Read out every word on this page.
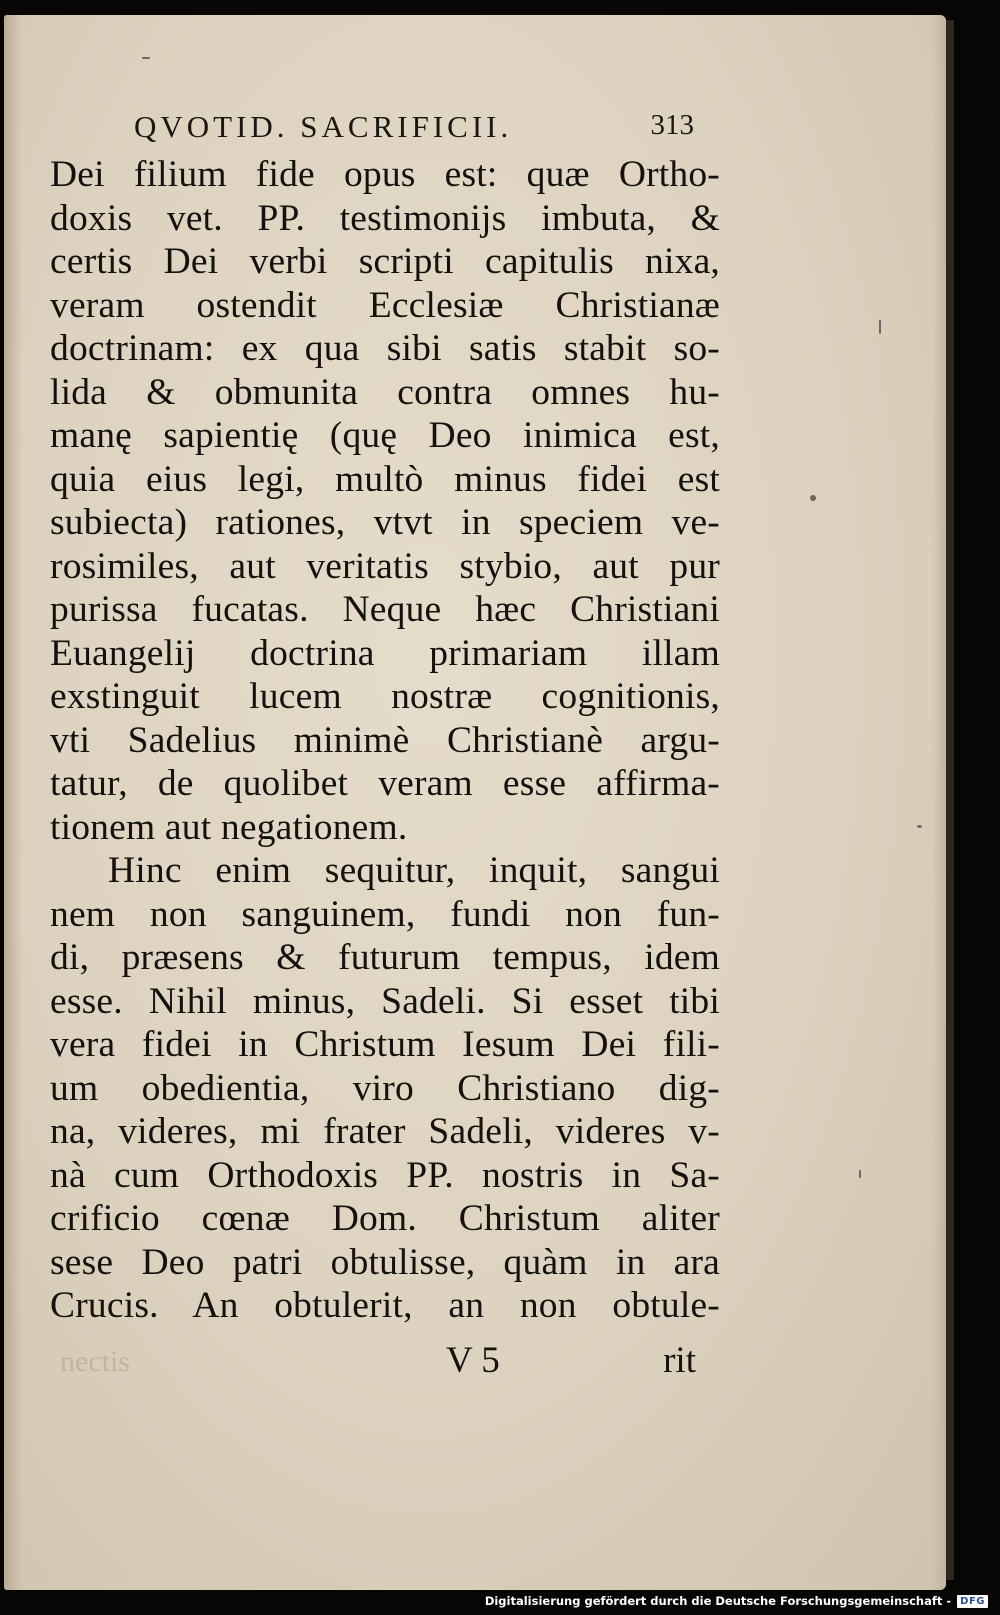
QVOTID. SACRIFICII.	313
Dei filium fide opus est: quæ Ortho-
doxis vet. PP. testimonijs imbuta, &
certis Dei verbi scripti capitulis nixa,
veram ostendit Ecclesiæ Christianæ
doctrinam: ex qua sibi satis stabit so-
lida & obmunita contra omnes hu-
manę sapientię (quę Deo inimica est,
quia eius legi, multò minus fidei est
subiecta) rationes, vtvt in speciem ve-
rosimiles, aut veritatis stybio, aut pur
purissa fucatas. Neque hæc Christiani
Euangelij doctrina primariam illam
exstinguit lucem nostræ cognitionis,
vti Sadelius minimè Christianè argu-
tatur, de quolibet veram esse affirma-
tionem aut negationem.
Hinc enim sequitur, inquit, sangui
nem non sanguinem, fundi non fun-
di, præsens & futurum tempus, idem
esse. Nihil minus, Sadeli. Si esset tibi
vera fidei in Christum Iesum Dei fili-
um obedientia, viro Christiano dig-
na, videres, mi frater Sadeli, videres v-
nà cum Orthodoxis PP. nostris in Sa-
crificio cœnæ Dom. Christum aliter
sese Deo patri obtulisse, quàm in ara
Crucis. An obtulerit, an non obtule-
nectis	V 5	rit
Digitalisierung gefördert durch die Deutsche Forschungsgemeinschaft - DFG
